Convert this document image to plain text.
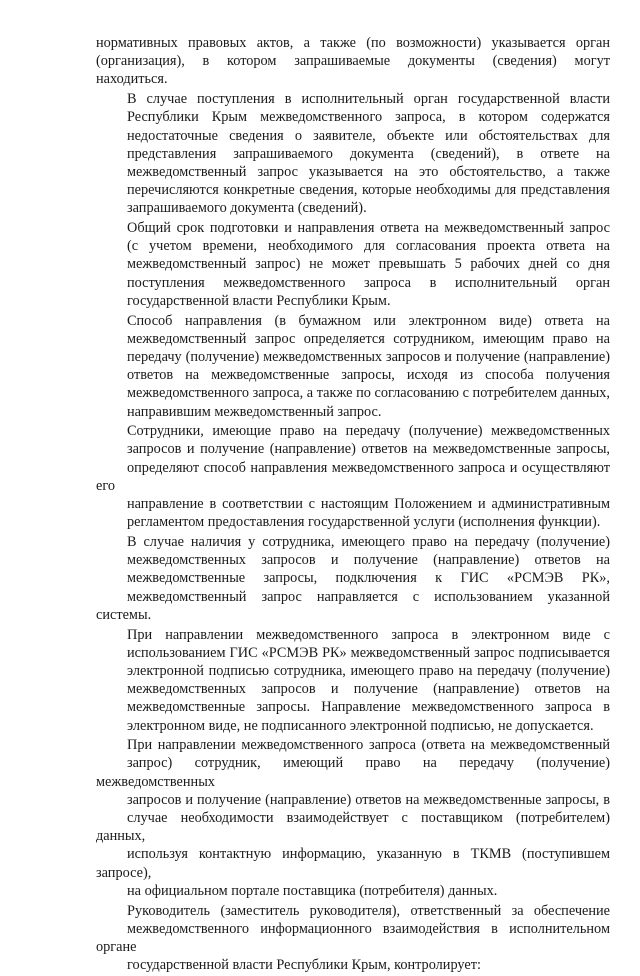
нормативных правовых актов, а также (по возможности) указывается орган
(организация), в котором запрашиваемые документы (сведения) могут
находиться.
В случае поступления в исполнительный орган государственной власти
Республики Крым межведомственного запроса, в котором содержатся
недостаточные сведения о заявителе, объекте или обстоятельствах для
представления запрашиваемого документа (сведений), в ответе на
межведомственный запрос указывается на это обстоятельство, а также
перечисляются конкретные сведения, которые необходимы для представления
запрашиваемого документа (сведений).
Общий срок подготовки и направления ответа на межведомственный запрос
(с учетом времени, необходимого для согласования проекта ответа на
межведомственный запрос) не может превышать 5 рабочих дней со дня
поступления межведомственного запроса в исполнительный орган
государственной власти Республики Крым.
Способ направления (в бумажном или электронном виде) ответа на
межведомственный запрос определяется сотрудником, имеющим право на
передачу (получение) межведомственных запросов и получение (направление)
ответов на межведомственные запросы, исходя из способа получения
межведомственного запроса, а также по согласованию с потребителем данных,
направившим межведомственный запрос.
Сотрудники, имеющие право на передачу (получение) межведомственных
запросов и получение (направление) ответов на межведомственные запросы,
определяют способ направления межведомственного запроса и осуществляют его
направление в соответствии с настоящим Положением и административным
регламентом предоставления государственной услуги (исполнения функции).
В случае наличия у сотрудника, имеющего право на передачу (получение)
межведомственных запросов и получение (направление) ответов на
межведомственные запросы, подключения к ГИС «РСМЭВ РК»,
межведомственный запрос направляется с использованием указанной системы.
При направлении межведомственного запроса в электронном виде с
использованием ГИС «РСМЭВ РК» межведомственный запрос подписывается
электронной подписью сотрудника, имеющего право на передачу (получение)
межведомственных запросов и получение (направление) ответов на
межведомственные запросы. Направление межведомственного запроса в
электронном виде, не подписанного электронной подписью, не допускается.
При направлении межведомственного запроса (ответа на межведомственный
запрос) сотрудник, имеющий право на передачу (получение) межведомственных
запросов и получение (направление) ответов на межведомственные запросы, в
случае необходимости взаимодействует с поставщиком (потребителем) данных,
используя контактную информацию, указанную в ТКМВ (поступившем запросе),
на официальном портале поставщика (потребителя) данных.
Руководитель (заместитель руководителя), ответственный за обеспечение
межведомственного информационного взаимодействия в исполнительном органе
государственной власти Республики Крым, контролирует:
